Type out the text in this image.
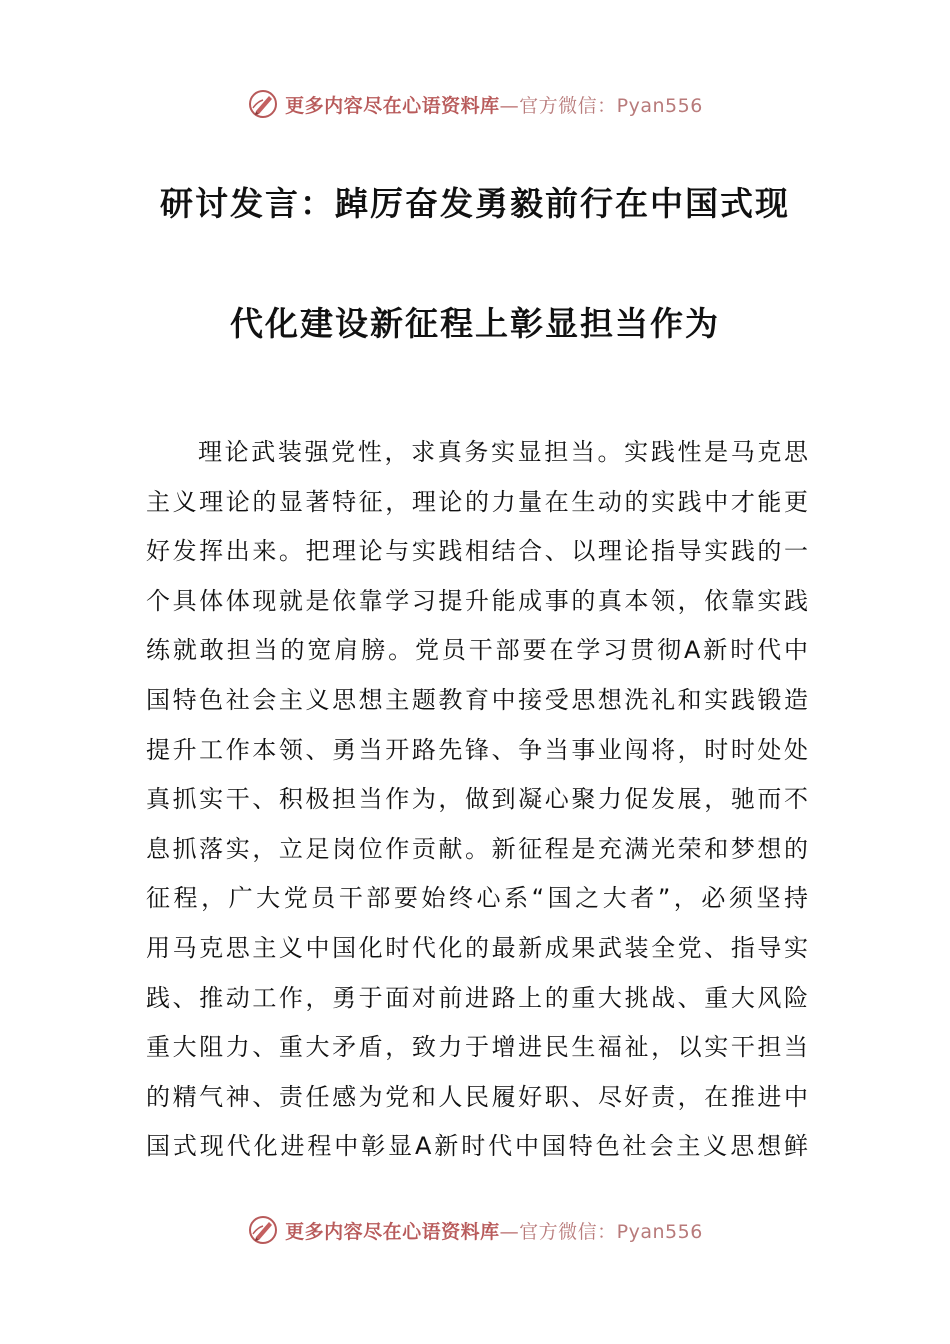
更多内容尽在心语资料库—官方微信：Pyan556
研讨发言：踔厉奋发勇毅前行在中国式现
代化建设新征程上彰显担当作为
理论武装强党性，求真务实显担当。实践性是马克思
主义理论的显著特征，理论的力量在生动的实践中才能更
好发挥出来。把理论与实践相结合、以理论指导实践的一
个具体体现就是依靠学习提升能成事的真本领，依靠实践
练就敢担当的宽肩膀。党员干部要在学习贯彻A新时代中
国特色社会主义思想主题教育中接受思想洗礼和实践锻造
提升工作本领、勇当开路先锋、争当事业闯将，时时处处
真抓实干、积极担当作为，做到凝心聚力促发展，驰而不
息抓落实，立足岗位作贡献。新征程是充满光荣和梦想的
征程，广大党员干部要始终心系“国之大者”，必须坚持
用马克思主义中国化时代化的最新成果武装全党、指导实
践、推动工作，勇于面对前进路上的重大挑战、重大风险
重大阻力、重大矛盾，致力于增进民生福祉，以实干担当
的精气神、责任感为党和人民履好职、尽好责，在推进中
国式现代化进程中彰显A新时代中国特色社会主义思想鲜
更多内容尽在心语资料库—官方微信：Pyan556
